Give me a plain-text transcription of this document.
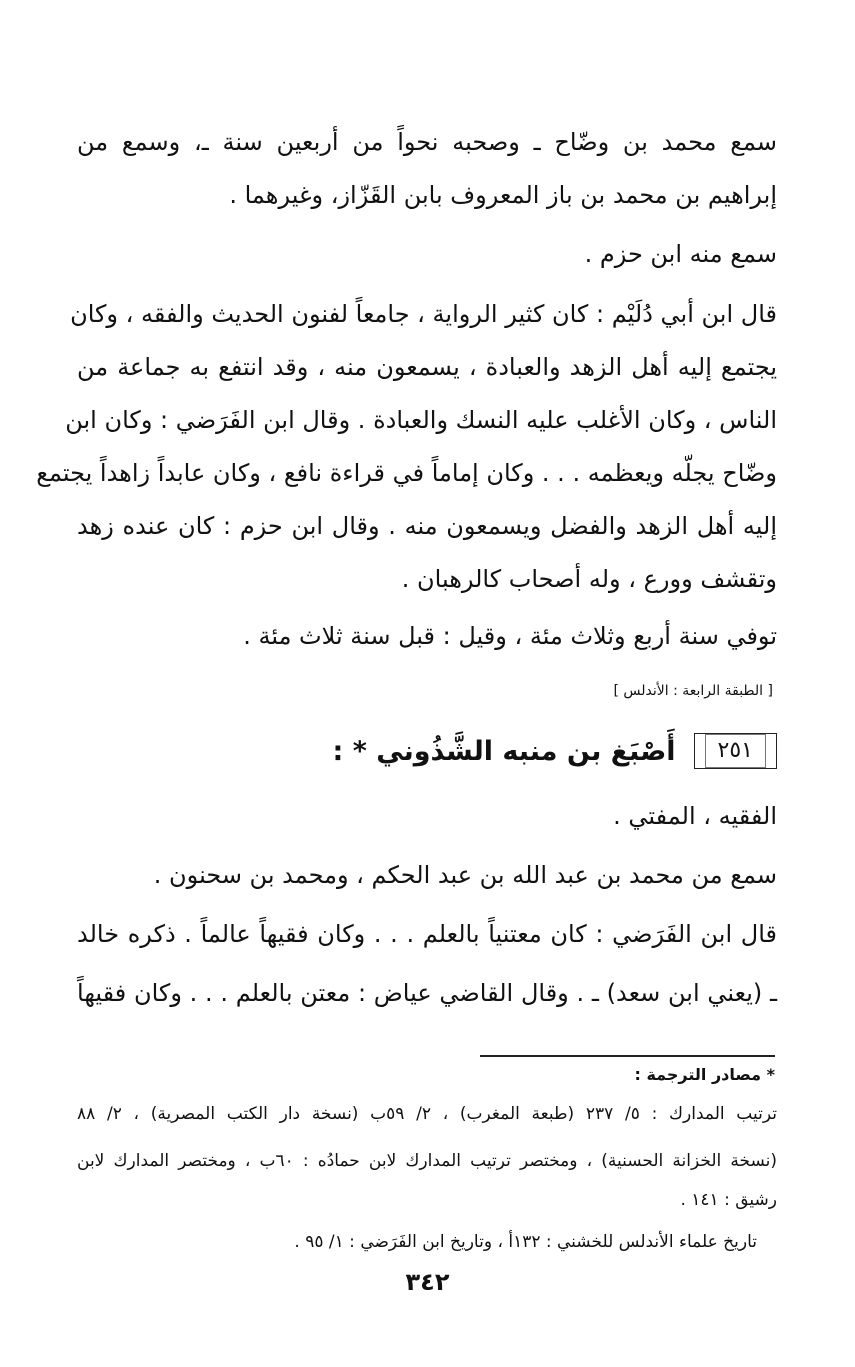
سمع محمد بن وضّاح ـ وصحبه نحواً من أربعين سنة ـ، وسمع من
إبراهيم بن محمد بن باز المعروف بابن القَزّاز، وغيرهما .
سمع منه ابن حزم .
قال ابن أبي دُلَيْم : كان كثير الرواية ، جامعاً لفنون الحديث والفقه ، وكان
يجتمع إليه أهل الزهد والعبادة ، يسمعون منه ، وقد انتفع به جماعة من
الناس ، وكان الأغلب عليه النسك والعبادة . وقال ابن الفَرَضي : وكان ابن
وضّاح يجلّه ويعظمه . . . وكان إماماً في قراءة نافع ، وكان عابداً زاهداً يجتمع
إليه أهل الزهد والفضل ويسمعون منه . وقال ابن حزم : كان عنده زهد
وتقشف وورع ، وله أصحاب كالرهبان .
توفي سنة أربع وثلاث مئة ، وقيل : قبل سنة ثلاث مئة .
[ الطبقة الرابعة : الأندلس ]
٢٥١
أَصْبَغ بن منبه الشَّذُوني * :
الفقيه ، المفتي .
سمع من محمد بن عبد الله بن عبد الحكم ، ومحمد بن سحنون .
قال ابن الفَرَضي : كان معتنياً بالعلم . . . وكان فقيهاً عالماً . ذكره خالد
ـ (يعني ابن سعد) ـ . وقال القاضي عياض : معتن بالعلم . . . وكان فقيهاً
* مصادر الترجمة :
ترتيب المدارك : ٥/ ٢٣٧ (طبعة المغرب) ، ٢/ ٥٩ب (نسخة دار الكتب المصرية) ، ٢/ ٨٨
(نسخة الخزانة الحسنية) ، ومختصر ترتيب المدارك لابن حمادُه : ٦٠ب ، ومختصر المدارك لابن
رشيق : ١٤١ .
تاريخ علماء الأندلس للخشني : ١٣٢أ ، وتاريخ ابن الفَرَضي : ١/ ٩٥ .
٣٤٢
